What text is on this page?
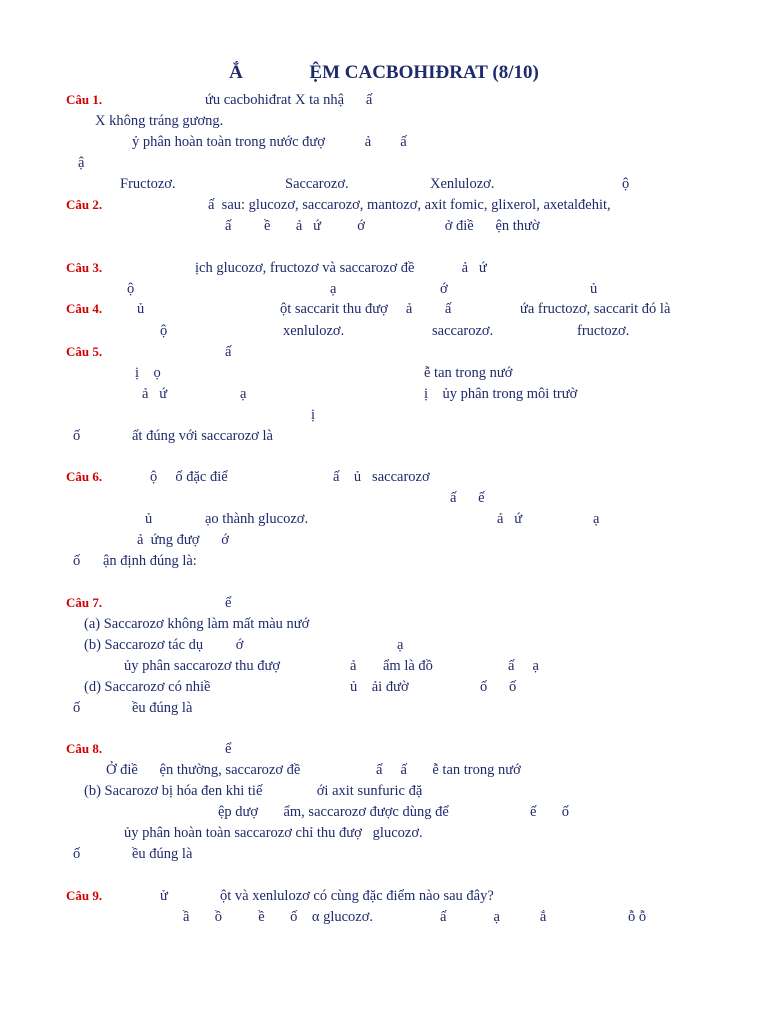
Ắ              ỆM CACBOHIĐRAT (8/10)
Câu 1.	ứu cacbohiđrat X ta nhậ      ấ
X không tráng gương.
ỷ phân hoàn toàn trong nước đượ           ả        ấ
ậ
Fructozơ.	Saccarozơ.	Xenlulozơ.	ộ
Câu 2.	ấ  sau: glucozơ, saccarozơ, mantozơ, axit fomic, glixerol, axetalđehit,
ấ         ề       ả   ứ          ớ                      ở điề      ện thườ
Câu 3.	ịch glucozơ, fructozơ và saccarozơ đề             ả   ứ
ộ	ạ	ớ	ủ
Câu 4. ủ	ột saccarit thu đượ     ả         ấ	ứa fructozơ, saccarit đó là
ộ	xenlulozơ.	saccarozơ.	fructozơ.
Câu 5.	ấ
ị    ọ	ễ tan trong nướ
ả   ứ	ạ	ị    ủy phân trong môi trườ
ị
ố	ất đúng với saccarozơ là
Câu 6.	ộ     ố đặc điể	ấ    ủ   saccarozơ
ấ      ế
ủ	ạo thành glucozơ.	ả   ứ	ạ
ả  ứng đượ      ớ
ố ận định đúng là:
Câu 7.	ể
(a) Saccarozơ không làm mất màu nướ
(b) Saccarozơ tác dụ         ớ	ạ
ủy phân saccarozơ thu đượ	ả ẩm là đồ	ấ     ạ
(d) Saccarozơ có nhiề	ủ    ải đườ	ố      ố
ố	ều đúng là
Câu 8.	ể
Ở điề      ện thường, saccarozơ đề	ấ     ấ       ễ tan trong nướ
(b) Sacarozơ bị hóa đen khi tiế               ới axit sunfuric đặ
ệp dượ       ẩm, saccarozơ được dùng để	ế       ố
ủy phân hoàn toàn saccarozơ chỉ thu đượ   glucozơ.
ố	ều đúng là
Câu 9.	ử	ột và xenlulozơ có cùng đặc điểm nào sau đây?
ầ       ồ          ề       ố    α glucozơ.	ấ             ạ           ắ	ỗ ỗ
